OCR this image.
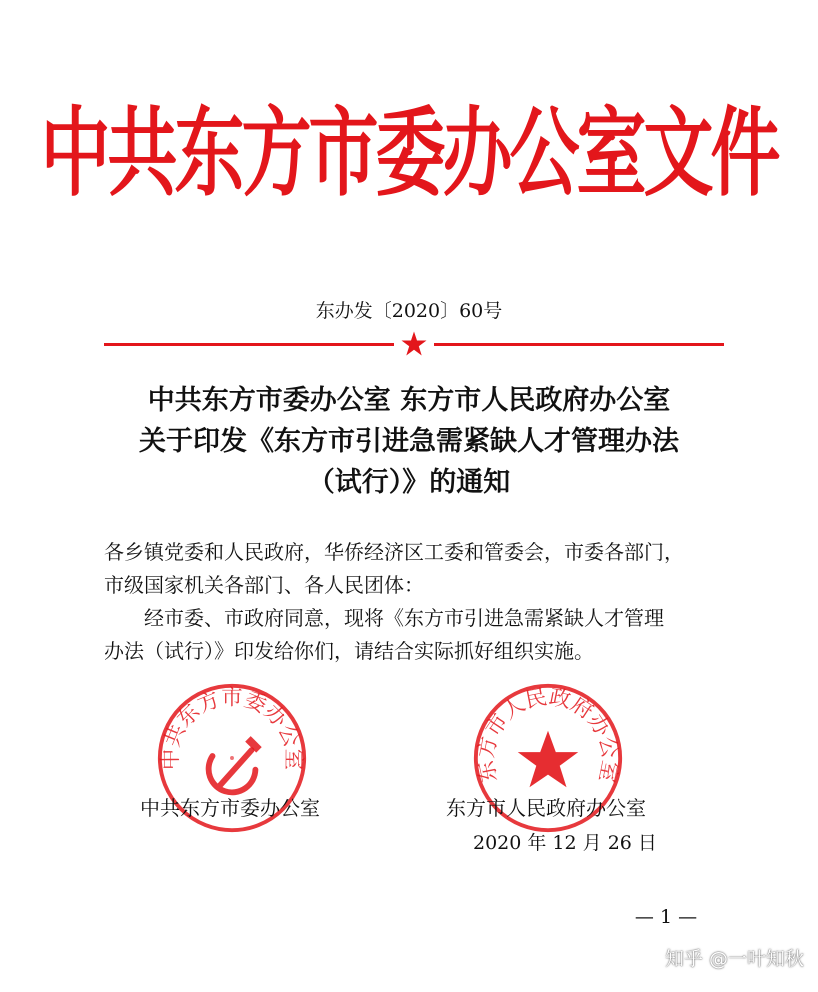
中共东方市委办公室文件
东办发〔2020〕60号
中共东方市委办公室 东方市人民政府办公室
关于印发《东方市引进急需紧缺人才管理办法
（试行）》的通知
各乡镇党委和人民政府，华侨经济区工委和管委会，市委各部门，
市级国家机关各部门、各人民团体：
经市委、市政府同意，现将《东方市引进急需紧缺人才管理
办法（试行）》印发给你们，请结合实际抓好组织实施。
中共东方市委办公室	东方市人民政府办公室
中共东方市委办公室	东方市人民政府办公室
2020 年 12 月 26 日
— 1 —
知乎 @一叶知秋
